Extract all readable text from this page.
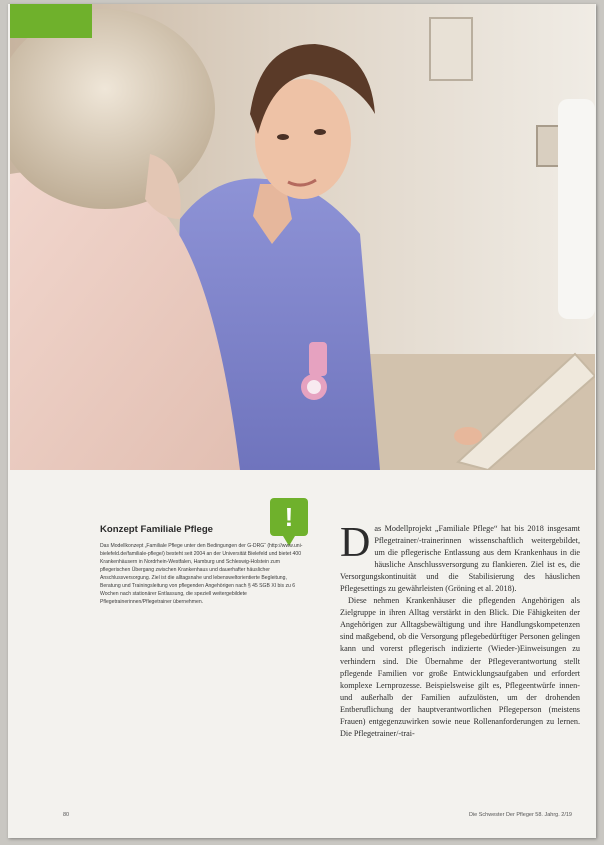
!
Konzept Familiale Pflege
Das Modellkonzept „Familiale Pflege unter den Bedingungen der G-DRG“ (http://www.uni-bielefeld.de/familiale-pflege/) besteht seit 2004 an der Universität Bielefeld und bietet 400 Krankenhäusern in Nordrhein-Westfalen, Hamburg und Schleswig-Holstein zum pflegerischen Übergang zwischen Krankenhaus und dauerhafter häuslicher Anschlussversorgung. Ziel ist die alltagsnahe und lebensweltorientierte Begleitung, Beratung und Trainingsleitung von pflegenden Angehörigen nach § 45 SGB XI bis zu 6 Wochen nach stationärer Entlassung, die speziell weitergebildete Pflegetrainerinnen/Pflegetrainer übernehmen.
D as Modellprojekt „Familiale Pflege“ hat bis 2018 insgesamt Pflegetrainer/-trainerinnen wissenschaftlich weitergebildet, um die pflegerische Entlassung aus dem Krankenhaus in die häusliche Anschlussversorgung zu flankieren. Ziel ist es, die Versorgungskontinuität und die Stabilisierung des häuslichen Pflegesettings zu gewährleisten (Gröning et al. 2018).
Diese nehmen Krankenhäuser die pflegenden Angehörigen als Zielgruppe in ihren Alltag verstärkt in den Blick. Die Fähigkeiten der Angehörigen zur Alltagsbewältigung und ihre Handlungskompetenzen sind maßgebend, ob die Versorgung pflegebedürftiger Personen gelingen kann und vorerst pflegerisch indizierte (Wieder-)Einweisungen zu verhindern sind. Die Übernahme der Pflegeverantwortung stellt pflegende Familien vor große Entwicklungsaufgaben und erfordert komplexe Lernprozesse. Beispielsweise gilt es, Pflegeentwürfe innen- und außerhalb der Familien aufzulösten, um der drohenden Entberuflichung der hauptverantwortlichen Pflegeperson (meistens Frauen) entgegenzuwirken sowie neue Rollenanforderungen zu lernen. Die Pflegetrainer/-trai-
80	Die Schwester Der Pfleger 58. Jahrg. 2/19
